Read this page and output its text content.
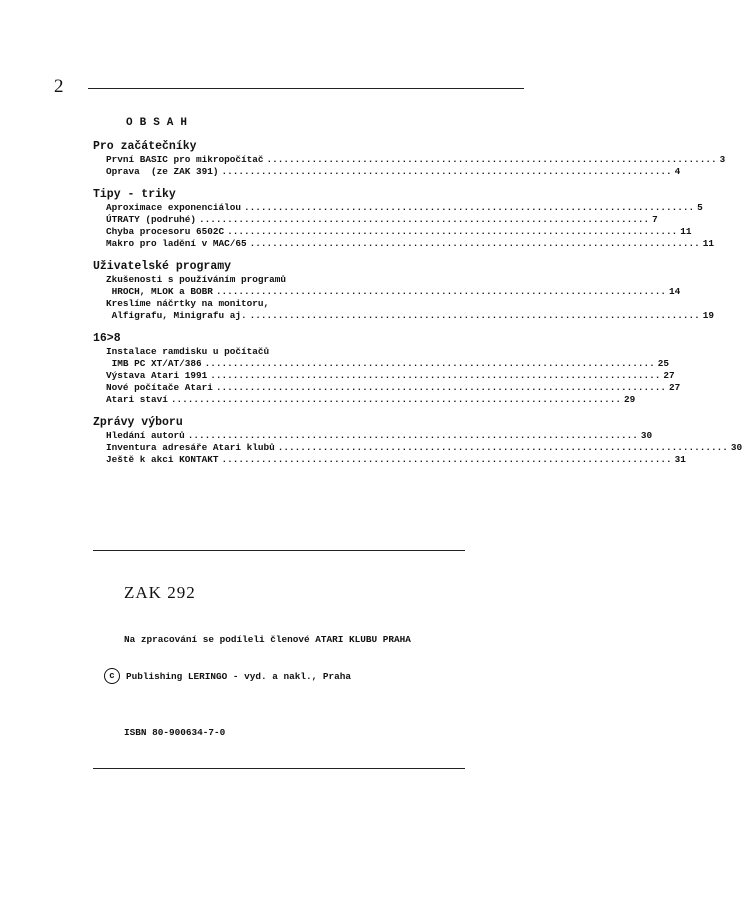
2
OBSAH
Pro začátečníky
První BASIC pro mikropočítač ................................................................................ 3
Oprava  (ze ZAK 391) ................................................................................ 4
Tipy - triky
Aproximace exponenciálou ................................................................................ 5
ÚTRATY (podruhé) ................................................................................ 7
Chyba procesoru 6502C ................................................................................ 11
Makro pro ladění v MAC/65 ................................................................................ 11
Uživatelské programy
Zkušenosti s používáním programů
HROCH, MLOK a BOBR ................................................................................ 14
Kreslíme náčrtky na monitoru,
Alfigrafu, Minigrafu aj. ................................................................................ 19
16>8
Instalace ramdisku u počítačů
IMB PC XT/AT/386 ................................................................................ 25
Výstava Atari 1991 ................................................................................ 27
Nové počítače Atari ................................................................................ 27
Atari staví ................................................................................ 29
Zprávy výboru
Hledání autorů ................................................................................ 30
Inventura adresáře Atari klubů ................................................................................ 30
Ještě k akci KONTAKT ................................................................................ 31
ZAK 292
Na zpracování se podíleli členové ATARI KLUBU PRAHA
c	Publishing LERINGO - vyd. a nakl., Praha
ISBN 80-900634-7-0
